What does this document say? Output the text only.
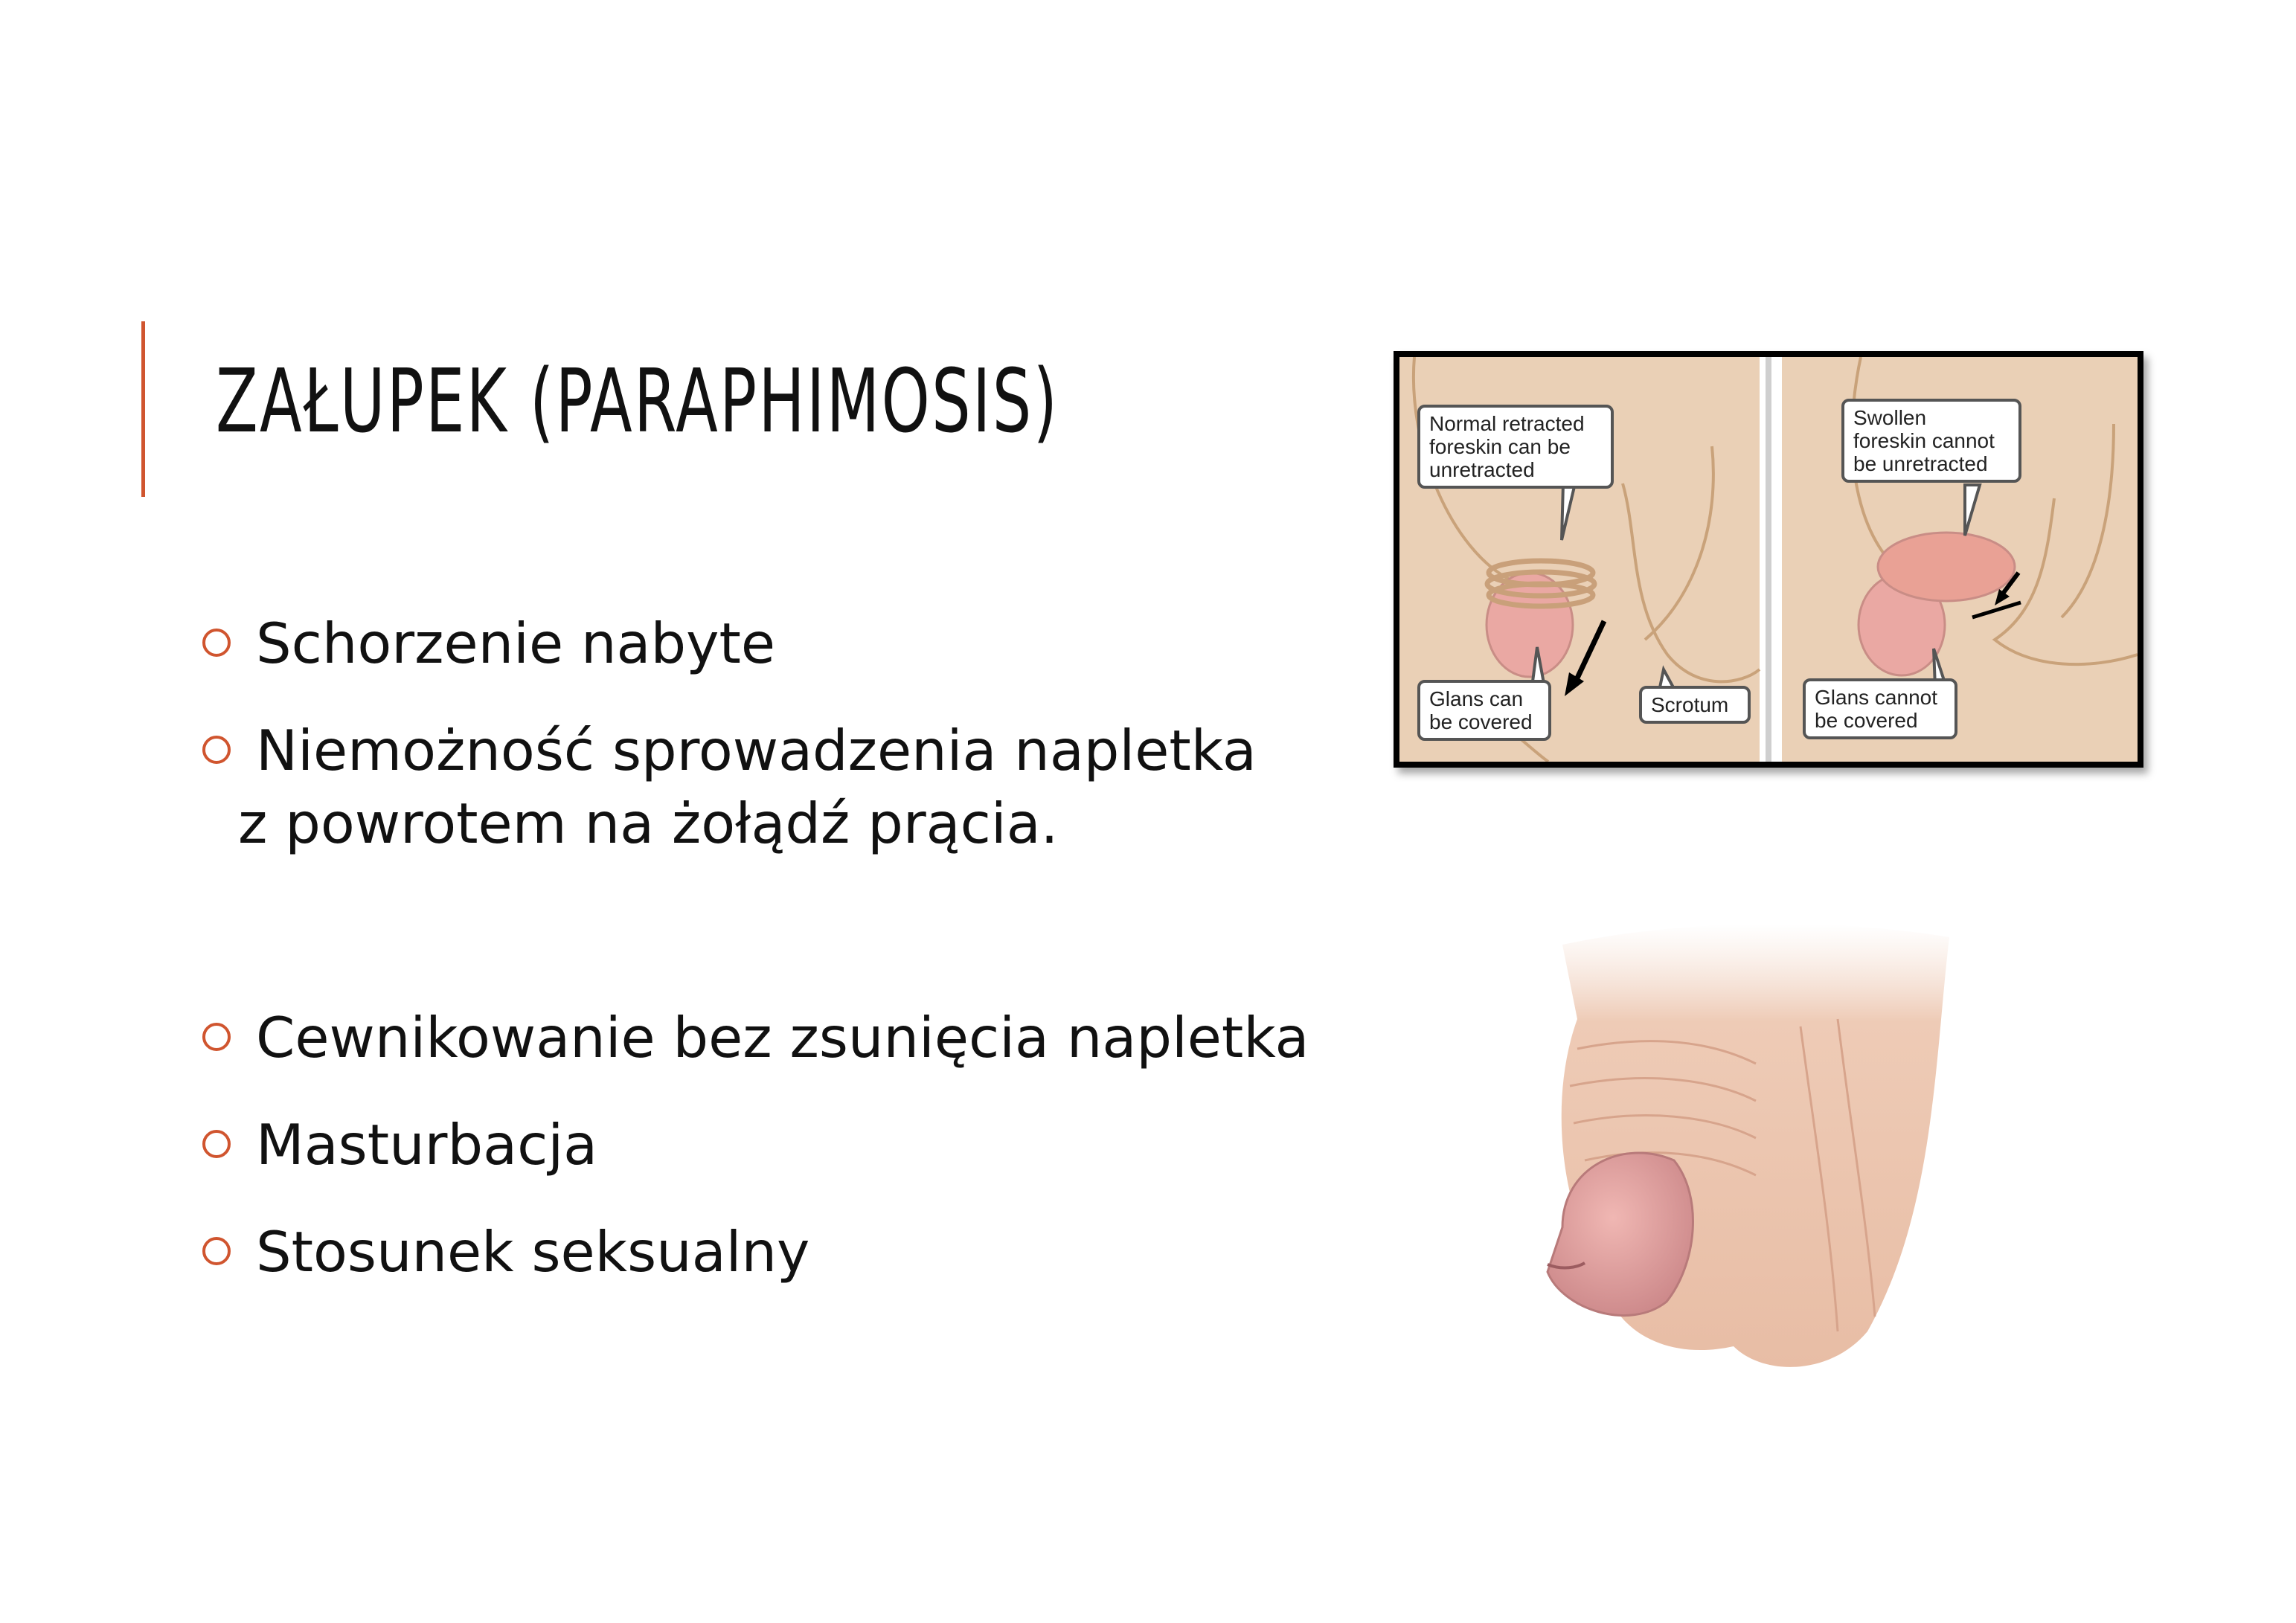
ZAŁUPEK (PARAPHIMOSIS)
Schorzenie nabyte
Niemożność sprowadzenia napletka
z powrotem na żołądź prącia.
Cewnikowanie bez zsunięcia napletka
Masturbacja
Stosunek seksualny
Normal retracted
foreskin can be
unretracted
Glans can
be covered
Scrotum
Swollen
foreskin cannot
be unretracted
Glans cannot
be covered
